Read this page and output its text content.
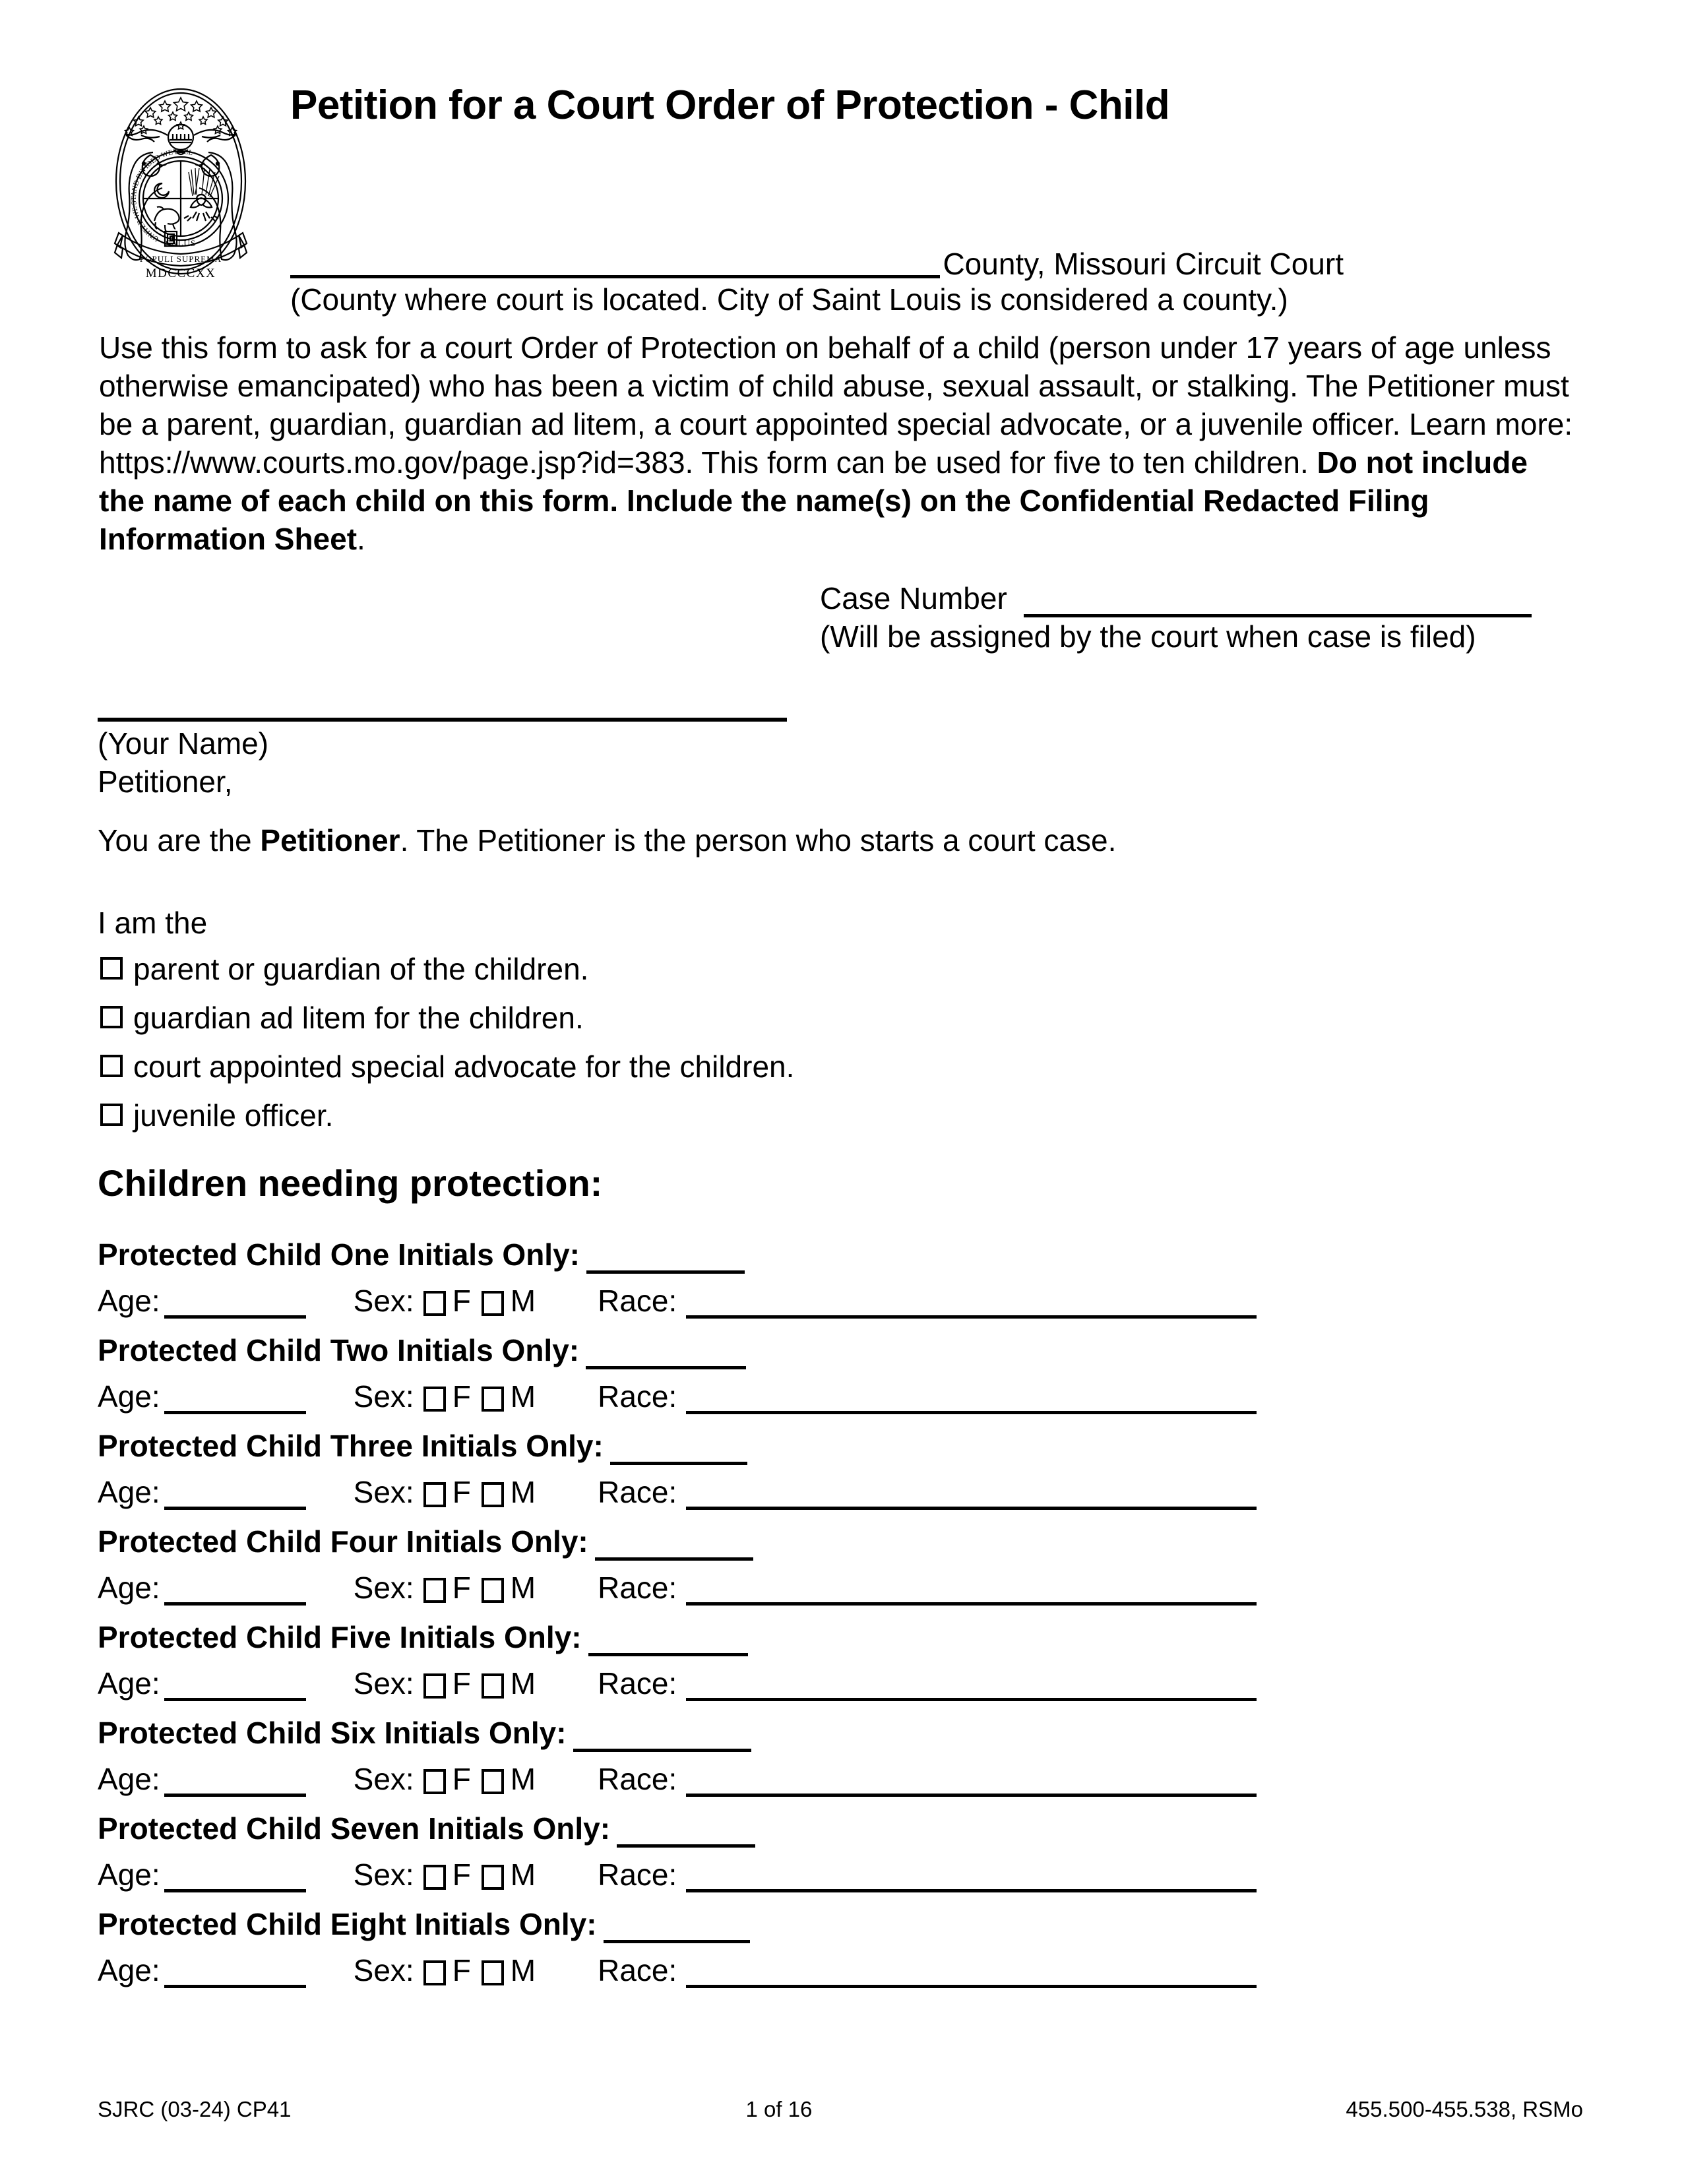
SALUS
POPULI SUPREMA
MDCCCXX
UNITED WE STAND DIVIDED WE FALL
Petition for a Court Order of Protection - Child
County, Missouri Circuit Court
(County where court is located. City of Saint Louis is considered a county.)
Use this form to ask for a court Order of Protection on behalf of a child (person under 17 years of age unless otherwise emancipated) who has been a victim of child abuse, sexual assault, or stalking. The Petitioner must be a parent, guardian, guardian ad litem, a court appointed special advocate, or a juvenile officer. Learn more: https://www.courts.mo.gov/page.jsp?id=383. This form can be used for five to ten children. Do not include the name of each child on this form. Include the name(s) on the Confidential Redacted Filing Information Sheet.
Case Number
(Will be assigned by the court when case is filed)
(Your Name)
Petitioner,
You are the Petitioner. The Petitioner is the person who starts a court case.
I am the
parent or guardian of the children.
guardian ad litem for the children.
court appointed special advocate for the children.
juvenile officer.
Children needing protection:
Protected Child One Initials Only:
Age:	Sex: F M Race:
Protected Child Two Initials Only:
Age:	Sex: F M Race:
Protected Child Three Initials Only:
Age:	Sex: F M Race:
Protected Child Four Initials Only:
Age:	Sex: F M Race:
Protected Child Five Initials Only:
Age:	Sex: F M Race:
Protected Child Six Initials Only:
Age:	Sex: F M Race:
Protected Child Seven Initials Only:
Age:	Sex: F M Race:
Protected Child Eight Initials Only:
Age:	Sex: F M Race:
SJRC (03-24) CP41	1 of 16	455.500-455.538, RSMo
